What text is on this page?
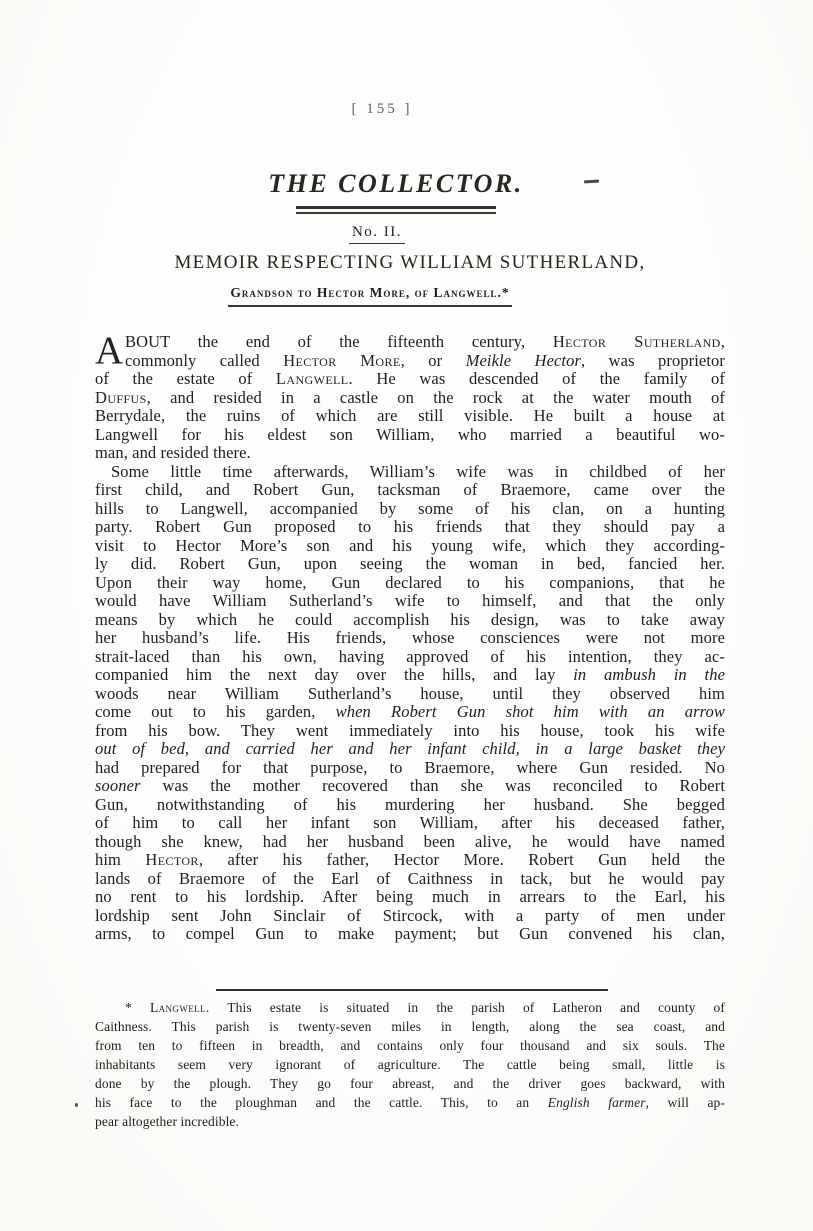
[ 155 ]
THE COLLECTOR.
No. II.
MEMOIR RESPECTING WILLIAM SUTHERLAND,
Grandson to Hector More, of Langwell.*
A BOUT the end of the fifteenth century, Hector Sutherland,
commonly called Hector More, or Meikle Hector, was proprietor
of the estate of Langwell. He was descended of the family of
Duffus, and resided in a castle on the rock at the water mouth of
Berrydale, the ruins of which are still visible. He built a house at
Langwell for his eldest son William, who married a beautiful wo-
man, and resided there.
Some little time afterwards, William’s wife was in childbed of her
first child, and Robert Gun, tacksman of Braemore, came over the
hills to Langwell, accompanied by some of his clan, on a hunting
party. Robert Gun proposed to his friends that they should pay a
visit to Hector More’s son and his young wife, which they according-
ly did. Robert Gun, upon seeing the woman in bed, fancied her.
Upon their way home, Gun declared to his companions, that he
would have William Sutherland’s wife to himself, and that the only
means by which he could accomplish his design, was to take away
her husband’s life. His friends, whose consciences were not more
strait-laced than his own, having approved of his intention, they ac-
companied him the next day over the hills, and lay in ambush in the
woods near William Sutherland’s house, until they observed him
come out to his garden, when Robert Gun shot him with an arrow
from his bow. They went immediately into his house, took his wife
out of bed, and carried her and her infant child, in a large basket they
had prepared for that purpose, to Braemore, where Gun resided. No
sooner was the mother recovered than she was reconciled to Robert
Gun, notwithstanding of his murdering her husband. She begged
of him to call her infant son William, after his deceased father,
though she knew, had her husband been alive, he would have named
him Hector, after his father, Hector More. Robert Gun held the
lands of Braemore of the Earl of Caithness in tack, but he would pay
no rent to his lordship. After being much in arrears to the Earl, his
lordship sent John Sinclair of Stircock, with a party of men under
arms, to compel Gun to make payment; but Gun convened his clan,
* Langwell. This estate is situated in the parish of Latheron and county of
Caithness. This parish is twenty-seven miles in length, along the sea coast, and
from ten to fifteen in breadth, and contains only four thousand and six souls. The
inhabitants seem very ignorant of agriculture. The cattle being small, little is
done by the plough. They go four abreast, and the driver goes backward, with
his face to the ploughman and the cattle. This, to an English farmer, will ap-
pear altogether incredible.
